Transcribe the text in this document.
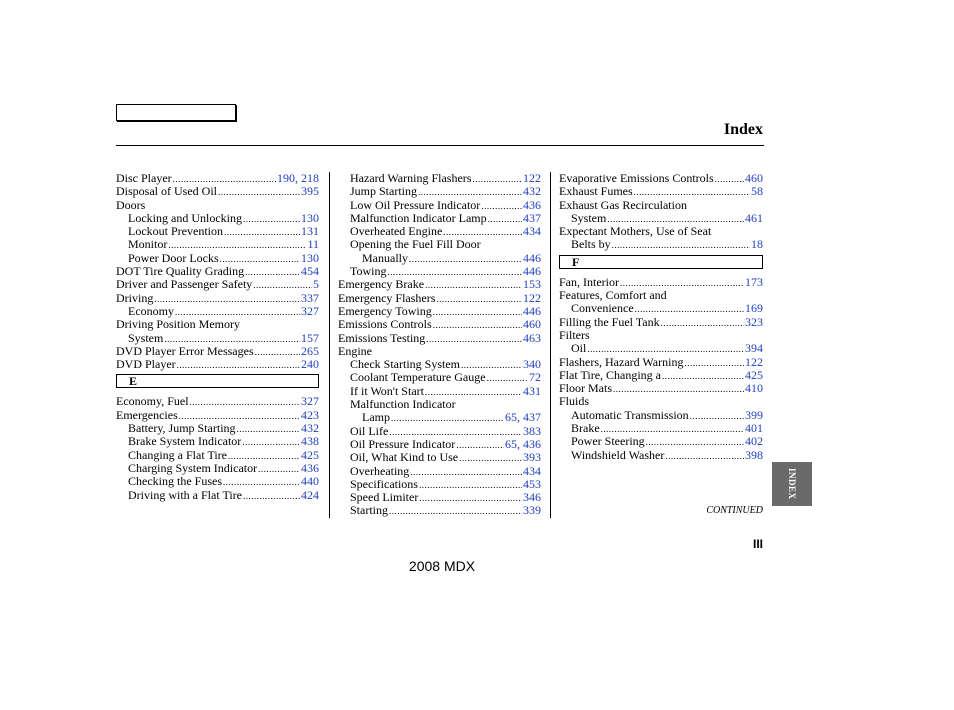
Index
Disc Player .....	190, 218
Disposal of Used Oil .....	395
Doors
Locking and Unlocking .....	130
Lockout Prevention .....	131
Monitor .....	11
Power Door Locks .....	130
DOT Tire Quality Grading .....	454
Driver and Passenger Safety .....	5
Driving .....	337
Economy .....	327
Driving Position Memory
System .....	157
DVD Player Error Messages .....	265
DVD Player .....	240
E
Economy, Fuel .....	327
Emergencies .....	423
Battery, Jump Starting .....	432
Brake System Indicator .....	438
Changing a Flat Tire .....	425
Charging System Indicator .....	436
Checking the Fuses .....	440
Driving with a Flat Tire .....	424
Hazard Warning Flashers .....	122
Jump Starting .....	432
Low Oil Pressure Indicator .....	436
Malfunction Indicator Lamp .....	437
Overheated Engine .....	434
Opening the Fuel Fill Door
Manually .....	446
Towing .....	446
Emergency Brake .....	153
Emergency Flashers .....	122
Emergency Towing .....	446
Emissions Controls .....	460
Emissions Testing .....	463
Engine
Check Starting System .....	340
Coolant Temperature Gauge .....	72
If it Won't Start .....	431
Malfunction Indicator
Lamp .....	65, 437
Oil Life .....	383
Oil Pressure Indicator .....	65, 436
Oil, What Kind to Use .....	393
Overheating .....	434
Specifications .....	453
Speed Limiter .....	346
Starting .....	339
Evaporative Emissions Controls .....	460
Exhaust Fumes .....	58
Exhaust Gas Recirculation
System .....	461
Expectant Mothers, Use of Seat
Belts by .....	18
F
Fan, Interior .....	173
Features, Comfort and
Convenience .....	169
Filling the Fuel Tank .....	323
Filters
Oil .....	394
Flashers, Hazard Warning .....	122
Flat Tire, Changing a .....	425
Floor Mats .....	410
Fluids
Automatic Transmission .....	399
Brake .....	401
Power Steering .....	402
Windshield Washer .....	398
CONTINUED
III
2008 MDX
INDEX
